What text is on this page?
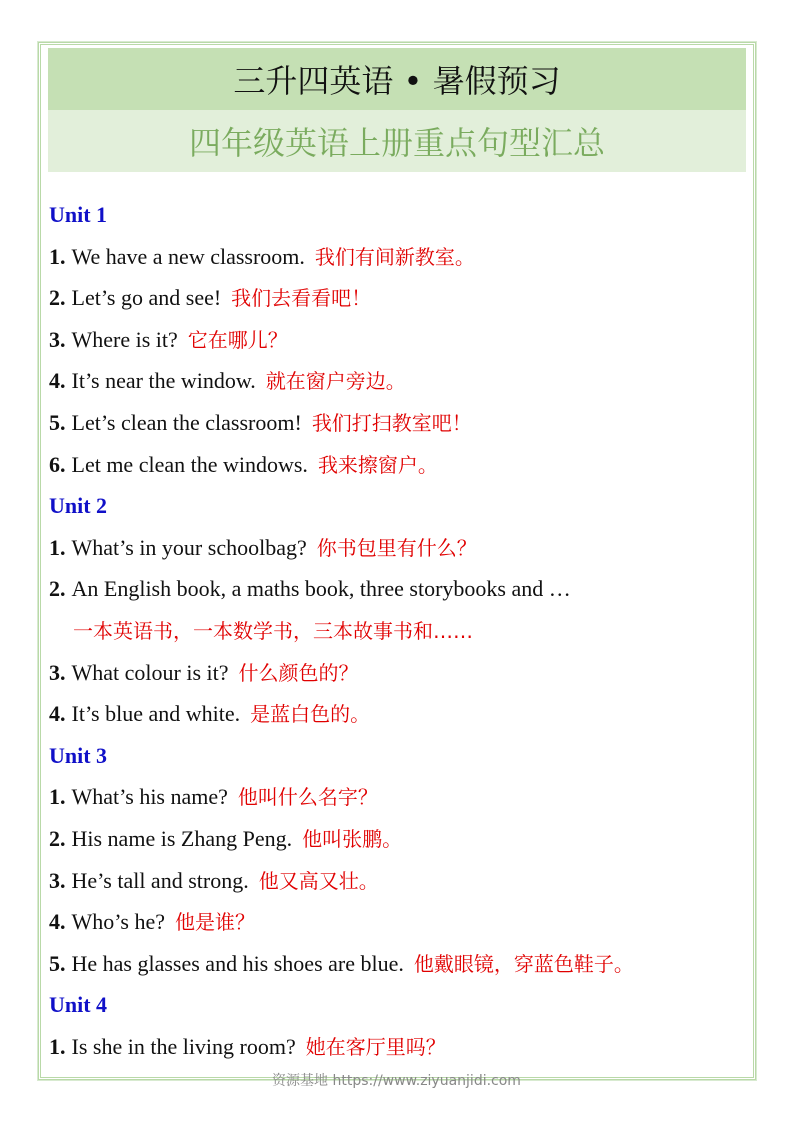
三升四英语 • 暑假预习
四年级英语上册重点句型汇总
Unit 1
1. We have a new classroom. 我们有间新教室。
2. Let’s go and see! 我们去看看吧！
3. Where is it? 它在哪儿？
4. It’s near the window. 就在窗户旁边。
5. Let’s clean the classroom! 我们打扫教室吧！
6. Let me clean the windows. 我来擦窗户。
Unit 2
1. What’s in your schoolbag? 你书包里有什么？
2. An English book, a maths book, three storybooks and …
一本英语书，一本数学书，三本故事书和……
3. What colour is it? 什么颜色的？
4. It’s blue and white. 是蓝白色的。
Unit 3
1. What’s his name? 他叫什么名字？
2. His name is Zhang Peng. 他叫张鹏。
3. He’s tall and strong. 他又高又壮。
4. Who’s he? 他是谁？
5. He has glasses and his shoes are blue. 他戴眼镜，穿蓝色鞋子。
Unit 4
1. Is she in the living room? 她在客厅里吗？
资源基地 https://www.ziyuanjidi.com
